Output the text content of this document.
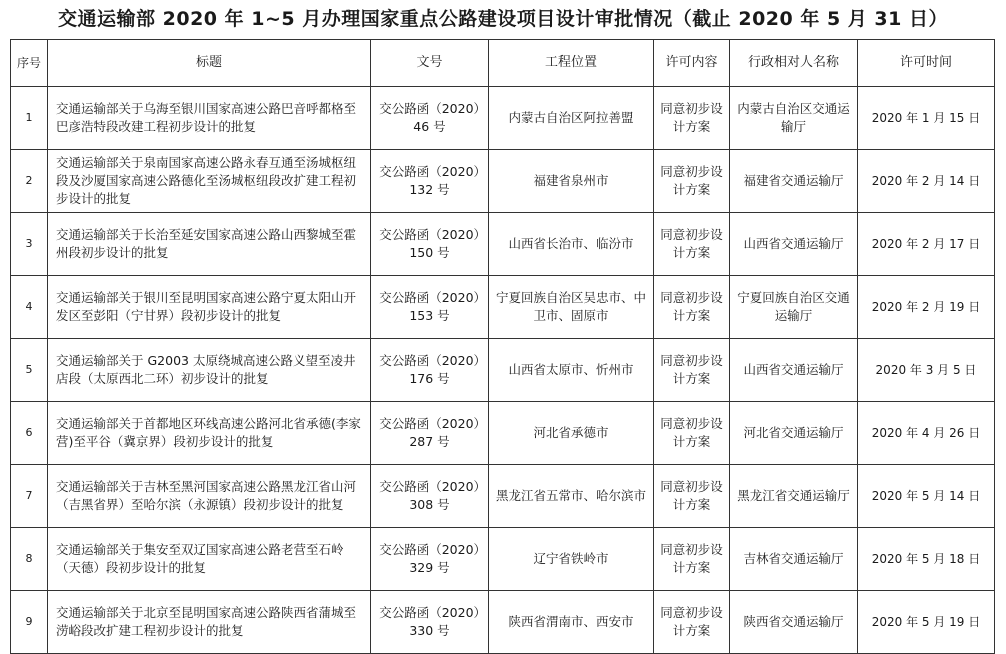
交通运输部 2020 年 1~5 月办理国家重点公路建设项目设计审批情况（截止 2020 年 5 月 31 日）
序号	标题	文号	工程位置	许可内容	行政相对人名称	许可时间
1	交通运输部关于乌海至银川国家高速公路巴音呼都格至巴彦浩特段改建工程初步设计的批复	交公路函（2020）46 号	内蒙古自治区阿拉善盟	同意初步设计方案	内蒙古自治区交通运输厅	2020 年 1 月 15 日
2	交通运输部关于泉南国家高速公路永春互通至汤城枢纽段及沙厦国家高速公路德化至汤城枢纽段改扩建工程初步设计的批复	交公路函（2020）132 号	福建省泉州市	同意初步设计方案	福建省交通运输厅	2020 年 2 月 14 日
3	交通运输部关于长治至延安国家高速公路山西黎城至霍州段初步设计的批复	交公路函（2020）150 号	山西省长治市、临汾市	同意初步设计方案	山西省交通运输厅	2020 年 2 月 17 日
4	交通运输部关于银川至昆明国家高速公路宁夏太阳山开发区至彭阳（宁甘界）段初步设计的批复	交公路函（2020）153 号	宁夏回族自治区吴忠市、中卫市、固原市	同意初步设计方案	宁夏回族自治区交通运输厅	2020 年 2 月 19 日
5	交通运输部关于 G2003 太原绕城高速公路义望至凌井店段（太原西北二环）初步设计的批复	交公路函（2020）176 号	山西省太原市、忻州市	同意初步设计方案	山西省交通运输厅	2020 年 3 月 5 日
6	交通运输部关于首都地区环线高速公路河北省承德(李家营)至平谷（冀京界）段初步设计的批复	交公路函（2020）287 号	河北省承德市	同意初步设计方案	河北省交通运输厅	2020 年 4 月 26 日
7	交通运输部关于吉林至黑河国家高速公路黑龙江省山河（吉黑省界）至哈尔滨（永源镇）段初步设计的批复	交公路函（2020）308 号	黑龙江省五常市、哈尔滨市	同意初步设计方案	黑龙江省交通运输厅	2020 年 5 月 14 日
8	交通运输部关于集安至双辽国家高速公路老营至石岭（天德）段初步设计的批复	交公路函（2020）329 号	辽宁省铁岭市	同意初步设计方案	吉林省交通运输厅	2020 年 5 月 18 日
9	交通运输部关于北京至昆明国家高速公路陕西省蒲城至涝峪段改扩建工程初步设计的批复	交公路函（2020）330 号	陕西省渭南市、西安市	同意初步设计方案	陕西省交通运输厅	2020 年 5 月 19 日
